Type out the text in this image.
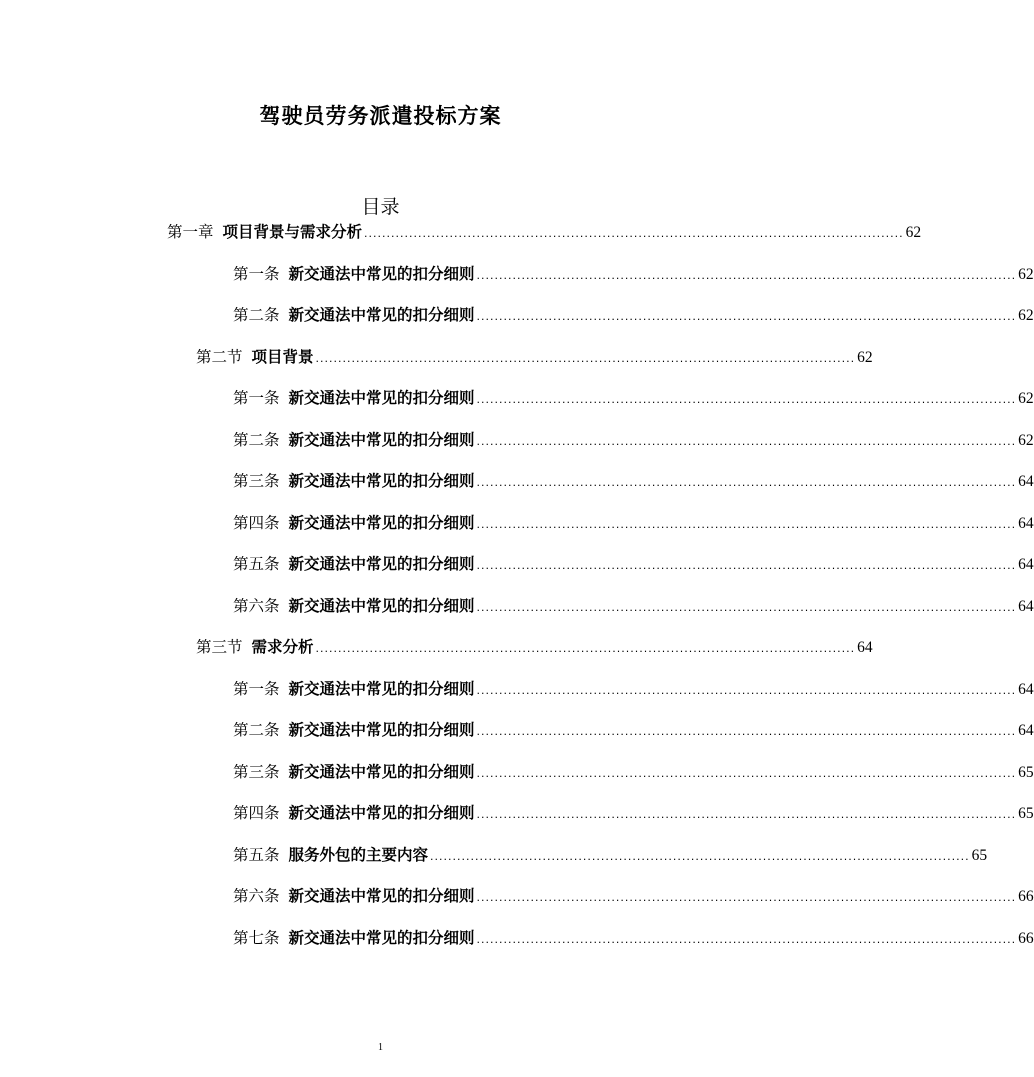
驾驶员劳务派遣投标方案
目录
第一章 项目背景与需求分析 ........................................................................................................................ 62
第一条 新交通法中常见的扣分细则 ........................................................................................................................ 62
第二条 新交通法中常见的扣分细则 ........................................................................................................................ 62
第二节 项目背景 ........................................................................................................................ 62
第一条 新交通法中常见的扣分细则 ........................................................................................................................ 62
第二条 新交通法中常见的扣分细则 ........................................................................................................................ 62
第三条 新交通法中常见的扣分细则 ........................................................................................................................ 64
第四条 新交通法中常见的扣分细则 ........................................................................................................................ 64
第五条 新交通法中常见的扣分细则 ........................................................................................................................ 64
第六条 新交通法中常见的扣分细则 ........................................................................................................................ 64
第三节 需求分析 ........................................................................................................................ 64
第一条 新交通法中常见的扣分细则 ........................................................................................................................ 64
第二条 新交通法中常见的扣分细则 ........................................................................................................................ 64
第三条 新交通法中常见的扣分细则 ........................................................................................................................ 65
第四条 新交通法中常见的扣分细则 ........................................................................................................................ 65
第五条 服务外包的主要内容 ........................................................................................................................ 65
第六条 新交通法中常见的扣分细则 ........................................................................................................................ 66
第七条 新交通法中常见的扣分细则 ........................................................................................................................ 66
1
